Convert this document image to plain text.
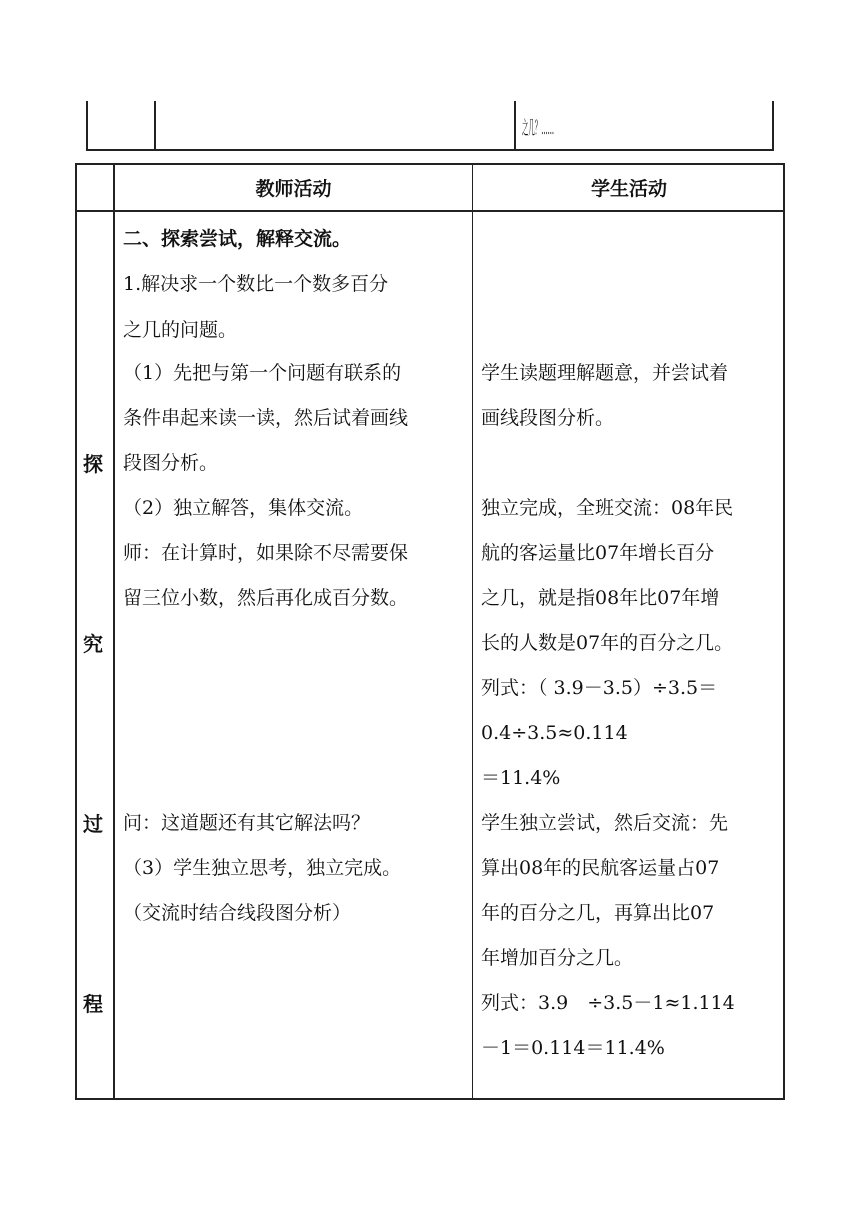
之几？……
教师活动	学生活动
探
究
过
程
二、探索尝试，解释交流。
1.解决求一个数比一个数多百分
之几的问题。
（1）先把与第一个问题有联系的
条件串起来读一读，然后试着画线
段图分析。
（2）独立解答，集体交流。
师：在计算时，如果除不尽需要保
留三位小数，然后再化成百分数。
问：这道题还有其它解法吗？
（3）学生独立思考，独立完成。
（交流时结合线段图分析）
学生读题理解题意，并尝试着
画线段图分析。
独立完成，全班交流：08年民
航的客运量比07年增长百分
之几，就是指08年比07年增
长的人数是07年的百分之几。
列式：（ 3.9－3.5）÷3.5＝
0.4÷3.5≈0.114
＝11.4%
学生独立尝试，然后交流：先
算出08年的民航客运量占07
年的百分之几，再算出比07
年增加百分之几。
列式：3.9　÷3.5－1≈1.114
－1＝0.114＝11.4%
